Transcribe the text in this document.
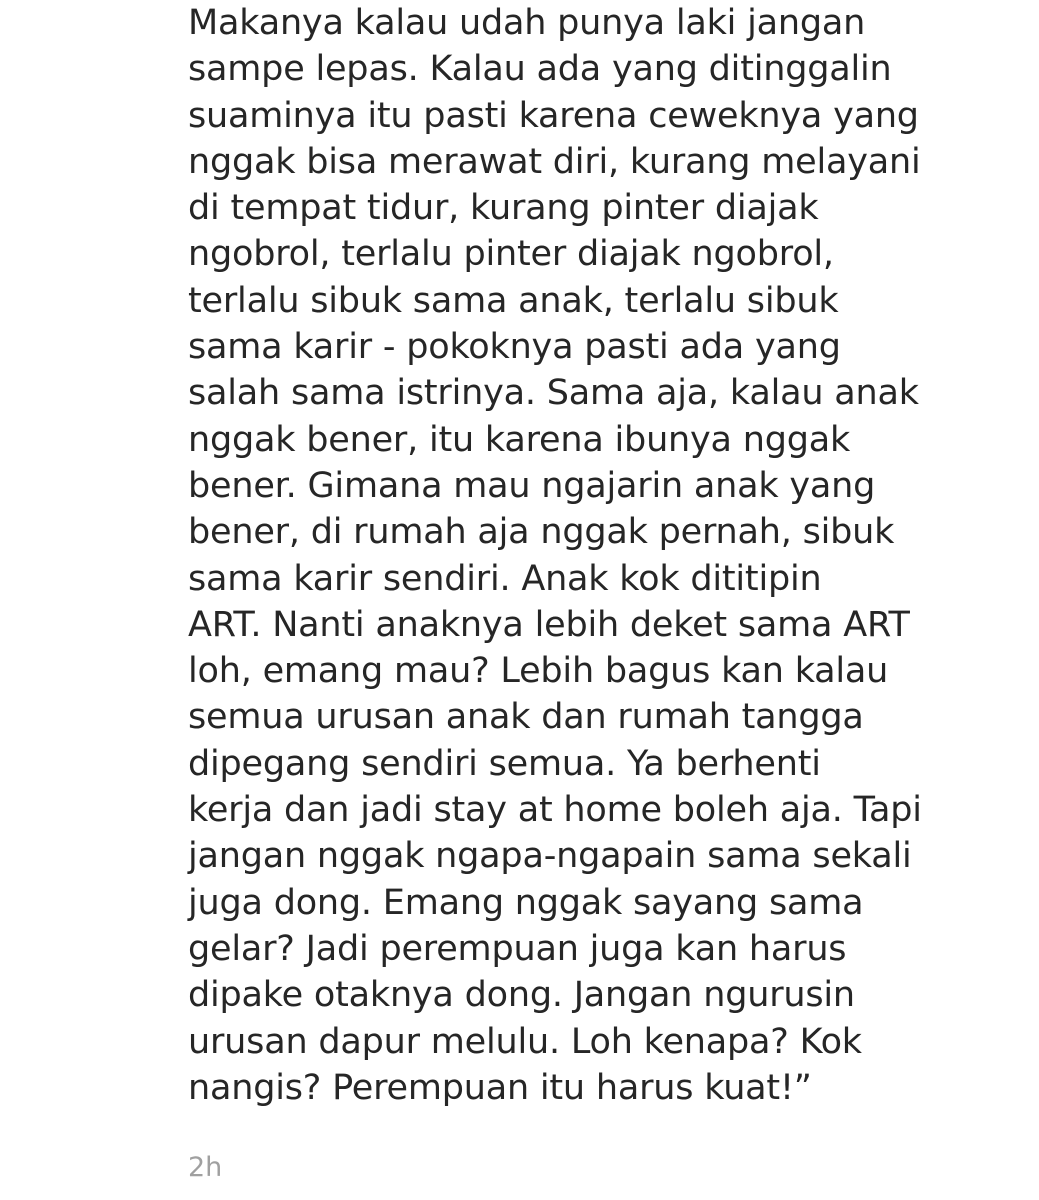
Makanya kalau udah punya laki jangan
sampe lepas. Kalau ada yang ditinggalin
suaminya itu pasti karena ceweknya yang
nggak bisa merawat diri, kurang melayani
di tempat tidur, kurang pinter diajak
ngobrol, terlalu pinter diajak ngobrol,
terlalu sibuk sama anak, terlalu sibuk
sama karir - pokoknya pasti ada yang
salah sama istrinya. Sama aja, kalau anak
nggak bener, itu karena ibunya nggak
bener. Gimana mau ngajarin anak yang
bener, di rumah aja nggak pernah, sibuk
sama karir sendiri. Anak kok dititipin
ART. Nanti anaknya lebih deket sama ART
loh, emang mau? Lebih bagus kan kalau
semua urusan anak dan rumah tangga
dipegang sendiri semua. Ya berhenti
kerja dan jadi stay at home boleh aja. Tapi
jangan nggak ngapa-ngapain sama sekali
juga dong. Emang nggak sayang sama
gelar? Jadi perempuan juga kan harus
dipake otaknya dong. Jangan ngurusin
urusan dapur melulu. Loh kenapa? Kok
nangis? Perempuan itu harus kuat!”
2h
